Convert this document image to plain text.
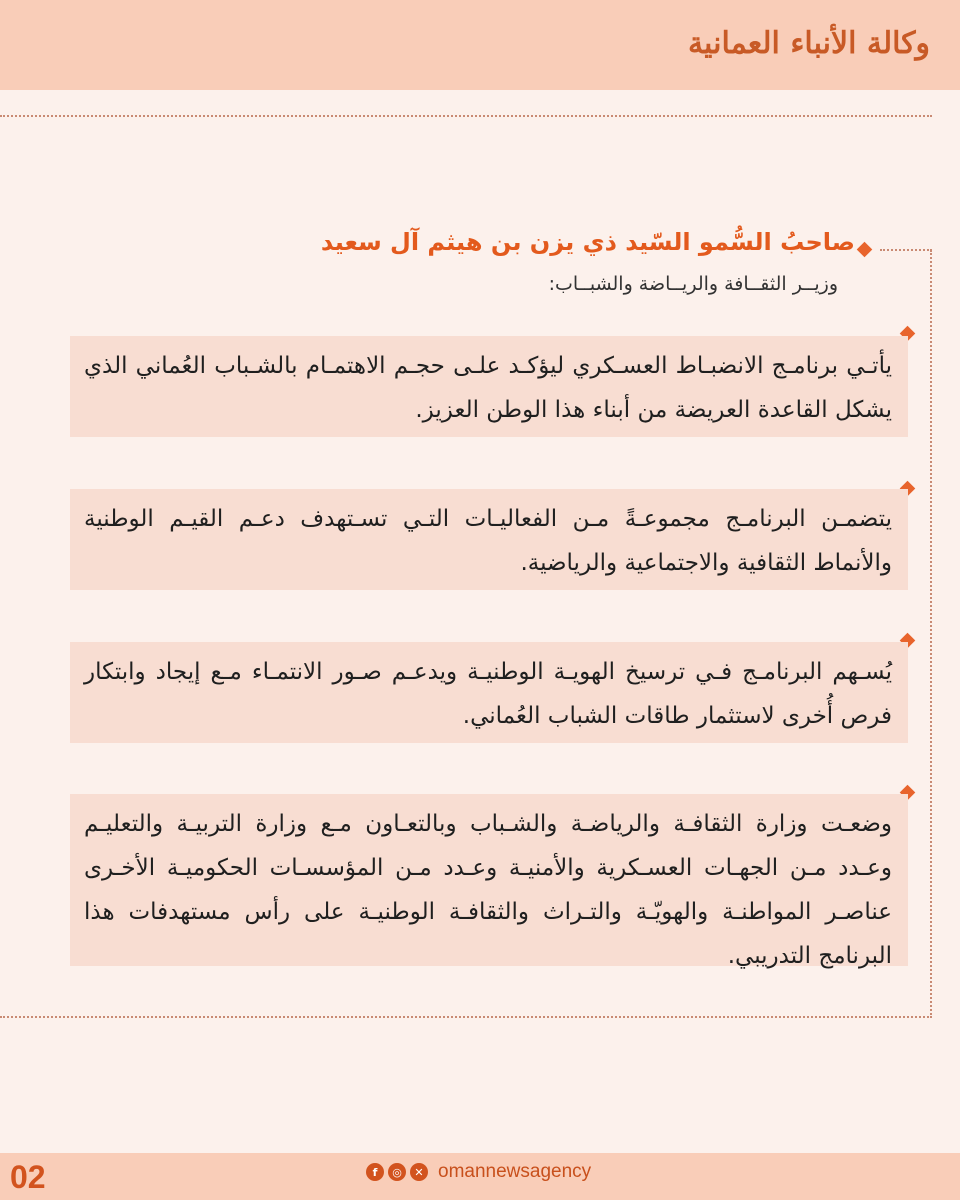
وكالة الأنباء العمانية
صاحبُ السُّمو السّيد ذي يزن بن هيثم آل سعيد
وزيــر الثقــافة والريــاضة والشبــاب:
يأتـي برنامـج الانضبـاط العسـكري ليؤكـد علـى حجـم الاهتمـام بالشـباب العُماني الذي يشكل القاعدة العريضة من أبناء هذا الوطن العزيز.
يتضمـن البرنامـج مجموعـةً مـن الفعاليـات التـي تسـتهدف دعـم القيـم الوطنية والأنماط الثقافية والاجتماعية والرياضية.
يُسـهم البرنامـج فـي ترسيخ الهويـة الوطنيـة ويدعـم صـور الانتمـاء مـع إيجاد وابتكار فرص أُخرى لاستثمار طاقات الشباب العُماني.
وضعـت وزارة الثقافـة والرياضـة والشـباب وبالتعـاون مـع وزارة التربيـة والتعليـم وعـدد مـن الجهـات العسـكرية والأمنيـة وعـدد مـن المؤسسـات الحكوميـة الأخـرى عناصـر المواطنـة والهويّـة والتـراث والثقافـة الوطنيـة على رأس مستهدفات هذا البرنامج التدريبي.
02	f	◎	✕ omannewsagency
